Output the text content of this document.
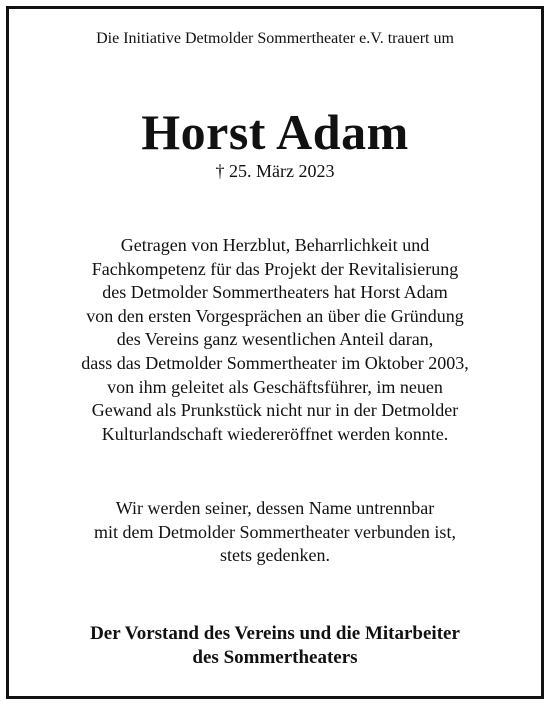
Die Initiative Detmolder Sommertheater e.V. trauert um
Horst Adam
† 25. März 2023
Getragen von Herzblut, Beharrlichkeit und
Fachkompetenz für das Projekt der Revitalisierung
des Detmolder Sommertheaters hat Horst Adam
von den ersten Vorgesprächen an über die Gründung
des Vereins ganz wesentlichen Anteil daran,
dass das Detmolder Sommertheater im Oktober 2003,
von ihm geleitet als Geschäftsführer, im neuen
Gewand als Prunkstück nicht nur in der Detmolder
Kulturlandschaft wiedereröffnet werden konnte.
Wir werden seiner, dessen Name untrennbar
mit dem Detmolder Sommertheater verbunden ist,
stets gedenken.
Der Vorstand des Vereins und die Mitarbeiter
des Sommertheaters
